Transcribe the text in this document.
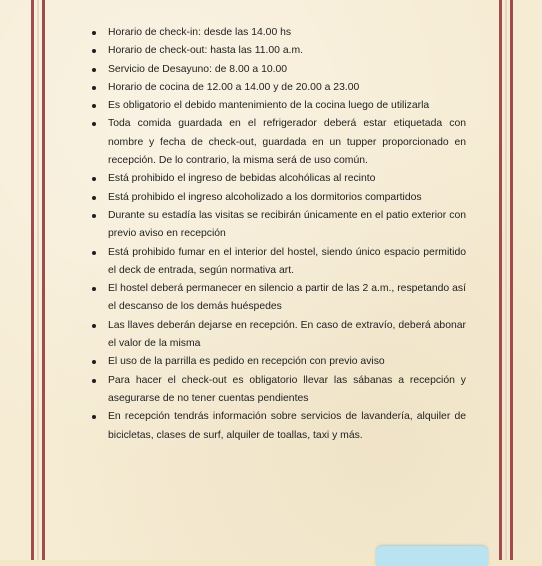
Horario de check-in: desde las 14.00 hs
Horario de check-out: hasta las 11.00 a.m.
Servicio de Desayuno: de 8.00 a 10.00
Horario de cocina de 12.00 a 14.00 y de 20.00 a 23.00
Es obligatorio el debido mantenimiento de la cocina luego de utilizarla
Toda comida guardada en el refrigerador deberá estar etiquetada con nombre y fecha de check-out, guardada en un tupper proporcionado en recepción. De lo contrario, la misma será de uso común.
Está prohibido el ingreso de bebidas alcohólicas al recinto
Está prohibido el ingreso alcoholizado a los dormitorios compartidos
Durante su estadía las visitas se recibirán únicamente en el patio exterior con previo aviso en recepción
Está prohibido fumar en el interior del hostel, siendo único espacio permitido el deck de entrada, según normativa art.
El hostel deberá permanecer en silencio a partir de las 2 a.m., respetando así el descanso de los demás huéspedes
Las llaves deberán dejarse en recepción. En caso de extravío, deberá abonar el valor de la misma
El uso de la parrilla es pedido en recepción con previo aviso
Para hacer el check-out es obligatorio llevar las sábanas a recepción y asegurarse de no tener cuentas pendientes
En recepción tendrás información sobre servicios de lavandería, alquiler de bicicletas, clases de surf, alquiler de toallas, taxi y más.
